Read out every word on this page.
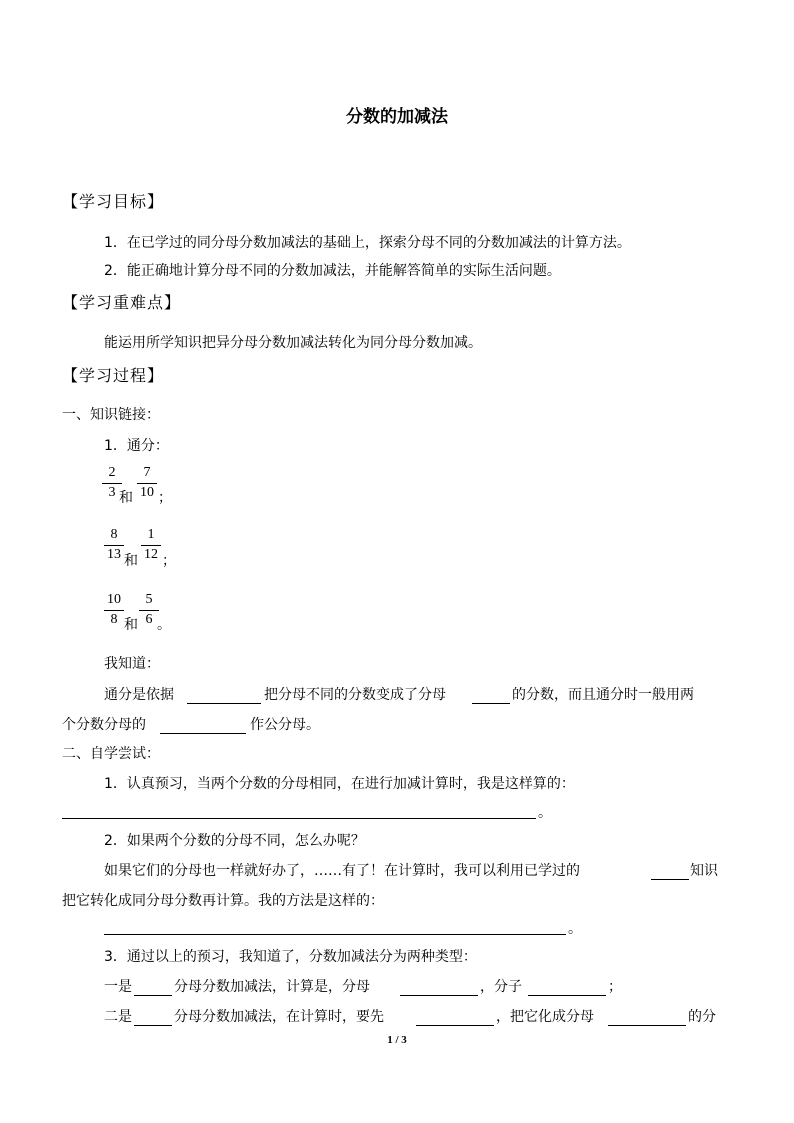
分数的加减法
【学习目标】
1．在已学过的同分母分数加减法的基础上，探索分母不同的分数加减法的计算方法。
2．能正确地计算分母不同的分数加减法，并能解答简单的实际生活问题。
【学习重难点】
能运用所学知识把异分母分数加减法转化为同分母分数加减。
【学习过程】
一、知识链接：
1．通分：
2
3 和
7
10 ；
8
13 和
1
12 ；
10
8 和
5
6 。
我知道：
通分是依据	把分母不同的分数变成了分母	的分数，而且通分时一般用两
个分数分母的	作公分母。
二、自学尝试：
1．认真预习，当两个分数的分母相同，在进行加减计算时，我是这样算的：
。
2．如果两个分数的分母不同，怎么办呢？
如果它们的分母也一样就好办了，……有了！在计算时，我可以利用已学过的	知识
把它转化成同分母分数再计算。我的方法是这样的：
。
3．通过以上的预习，我知道了，分数加减法分为两种类型：
一是	分母分数加减法，计算是，分母	，分子	；
二是	分母分数加减法，在计算时，要先	，把它化成分母	的分
1 / 3
